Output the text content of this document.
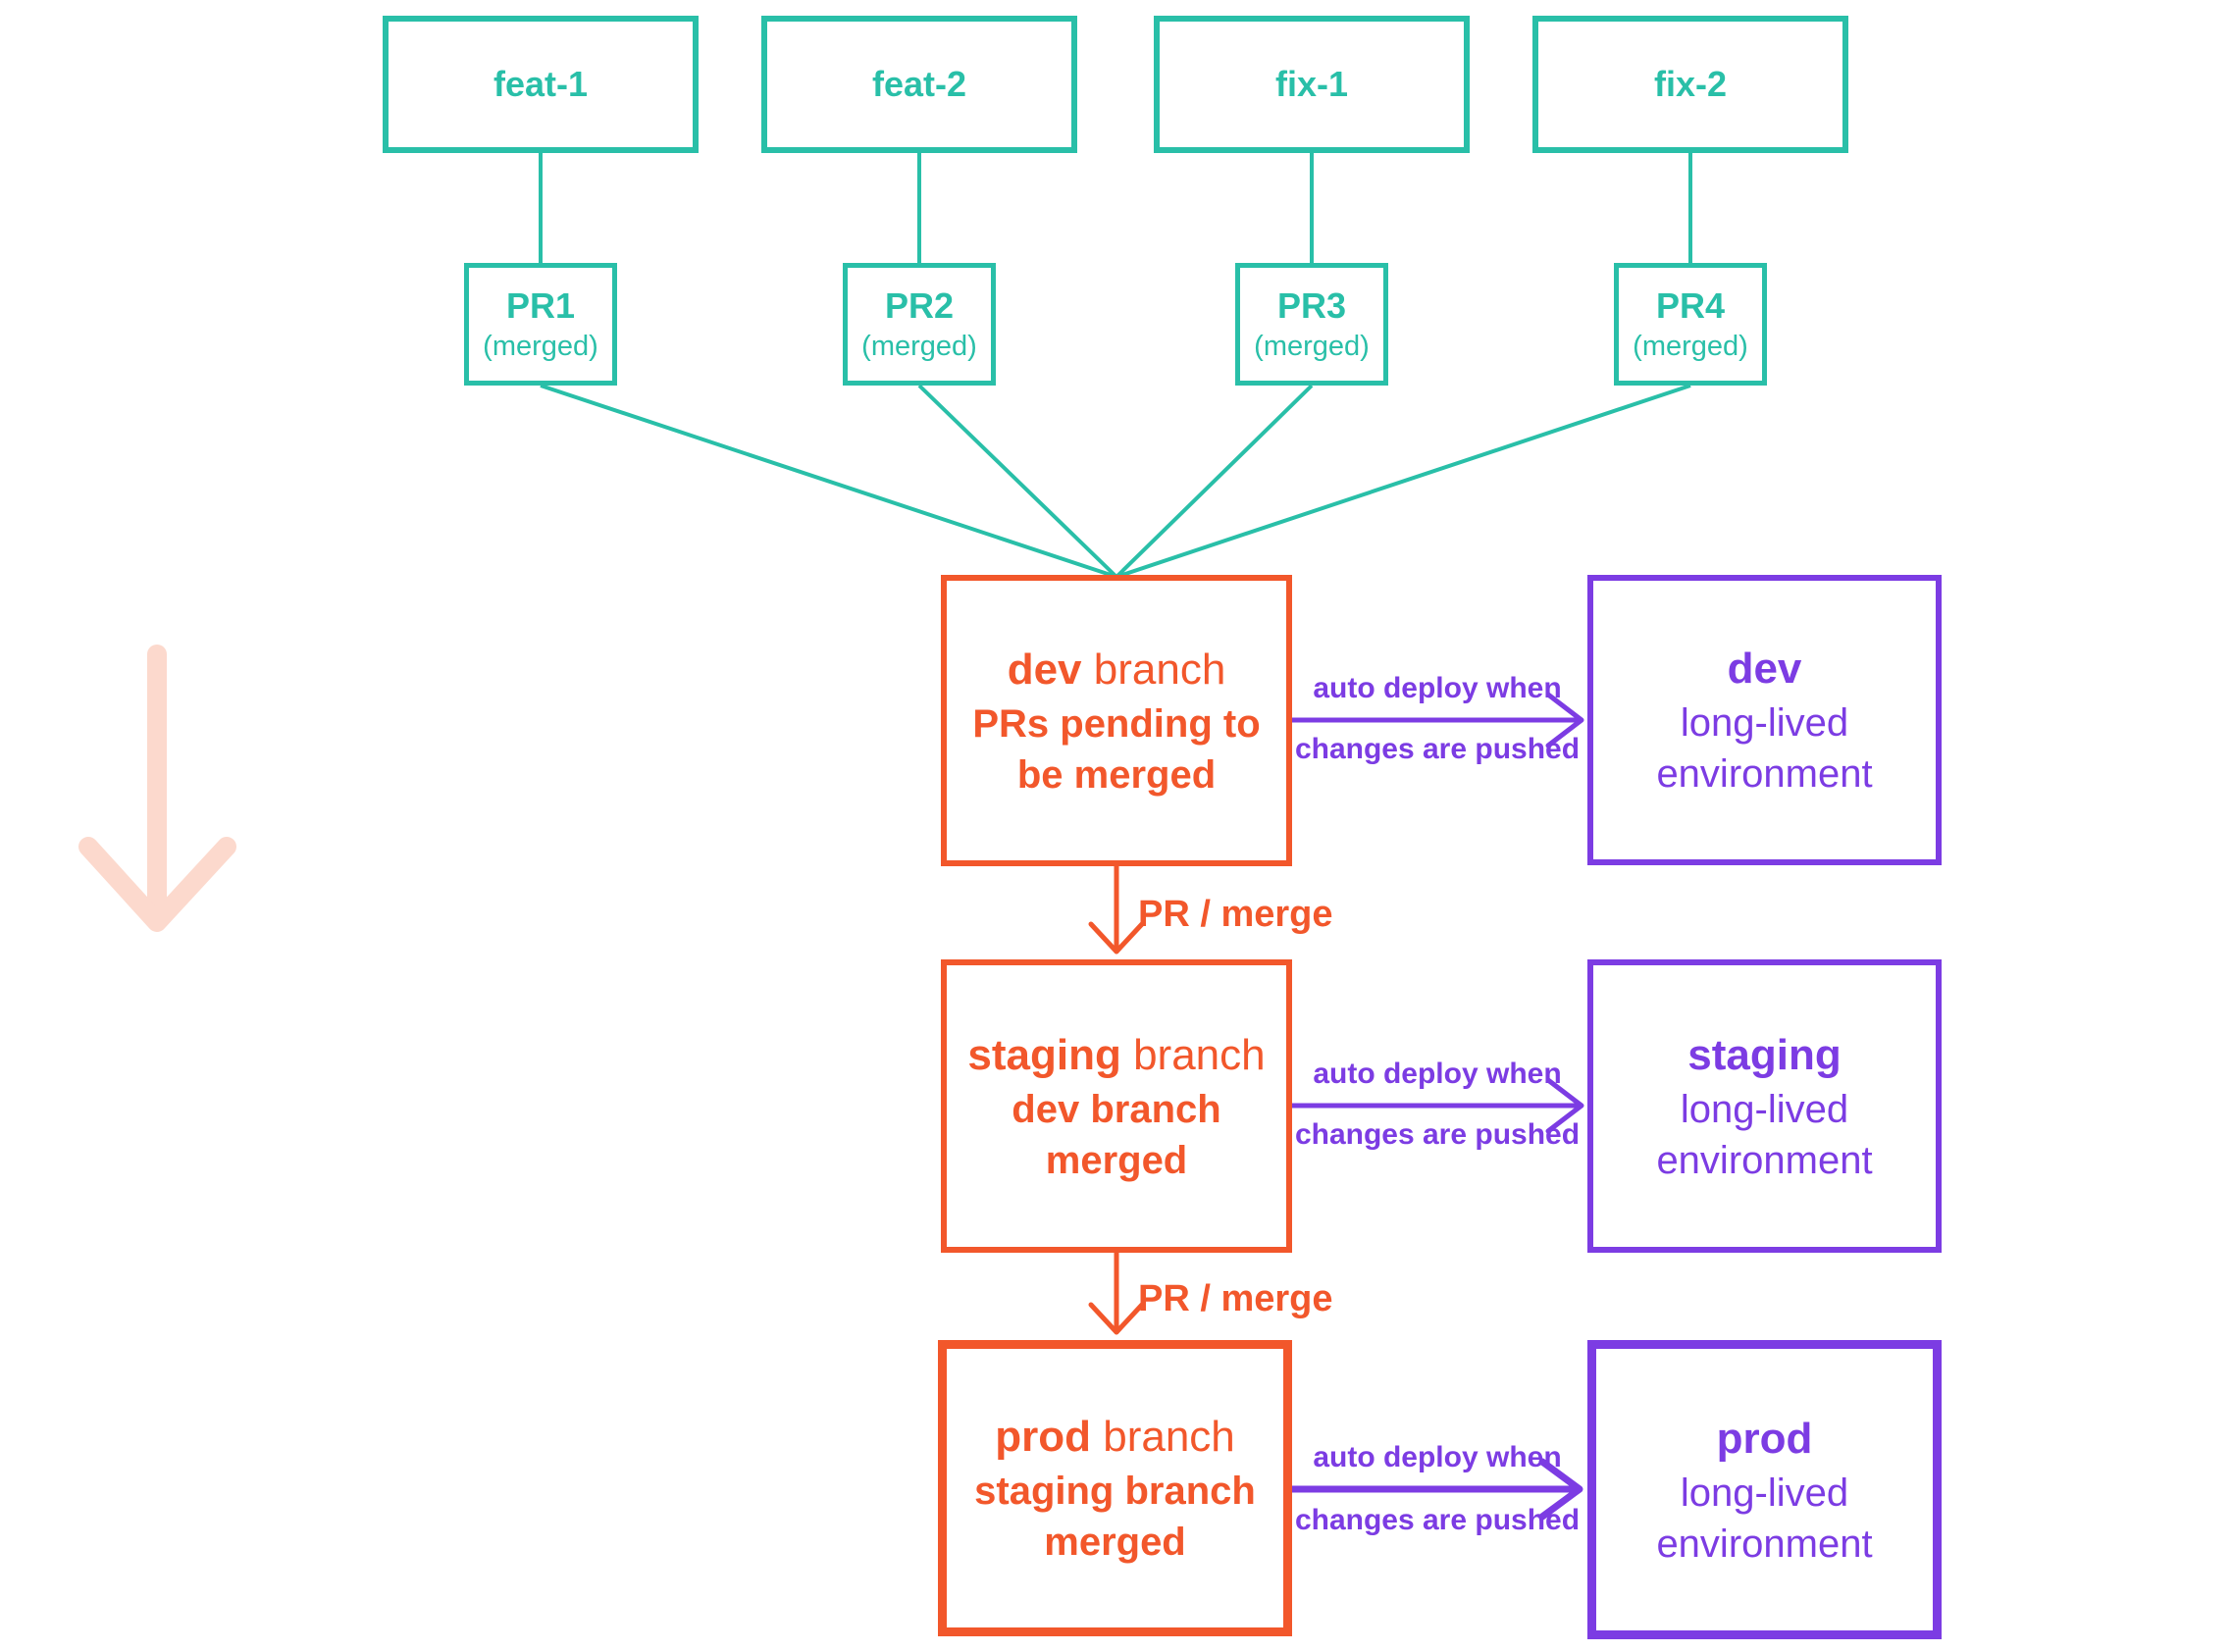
feat-1	feat-2	fix-1	fix-2
PR1
(merged)
PR2
(merged)
PR3
(merged)
PR4
(merged)
dev branch
PRs pending to
be merged
staging branch
dev branch merged
prod branch
staging branch
merged
dev
long-lived
environment
staging
long-lived
environment
prod
long-lived
environment
auto deploy when
changes are pushed
auto deploy when
changes are pushed
auto deploy when
changes are pushed
PR / merge
PR / merge
